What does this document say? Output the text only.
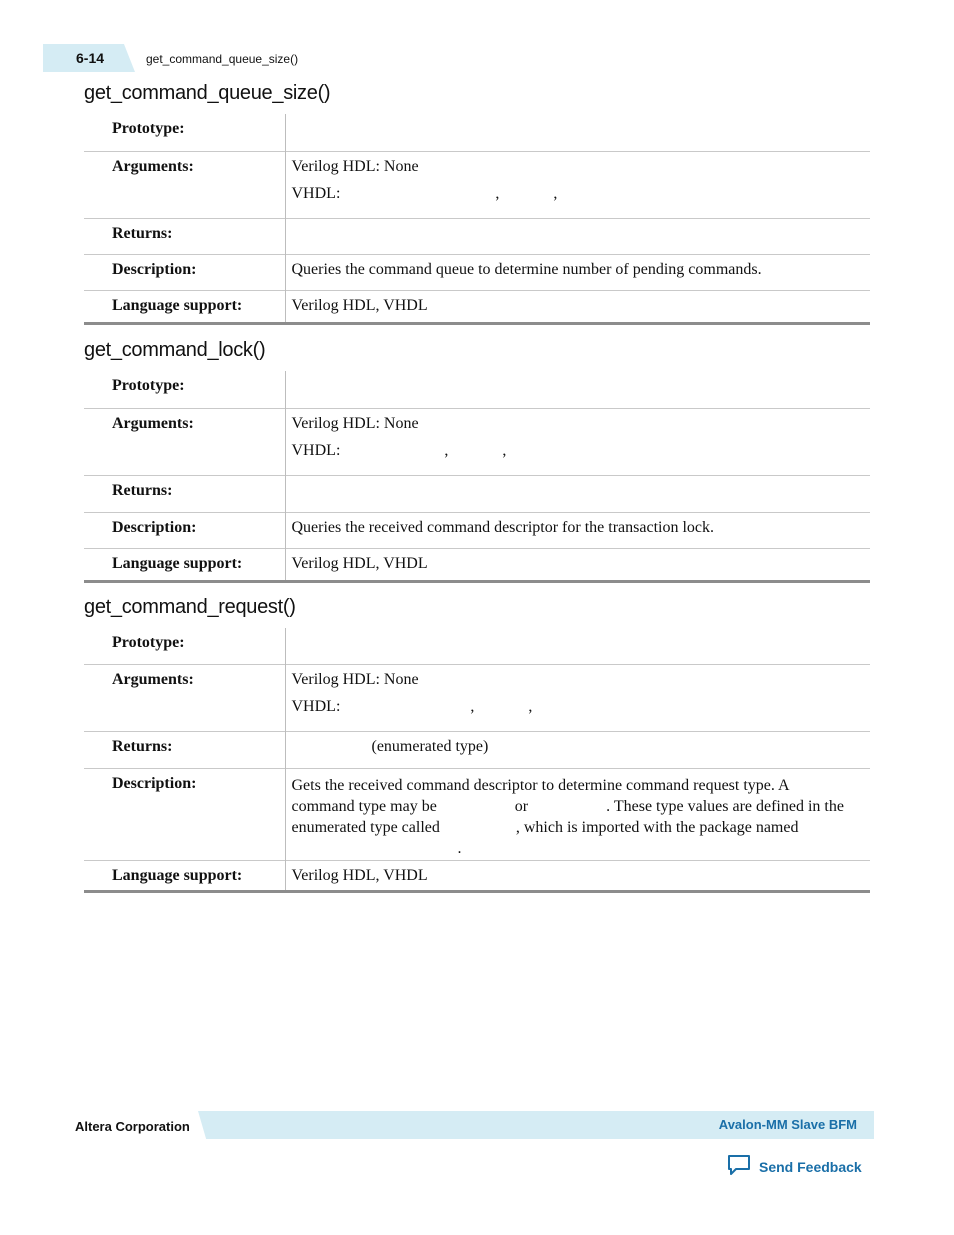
6-14	get_command_queue_size()
get_command_queue_size()
Prototype:	
Arguments:	Verilog HDL: None
VHDL: , ,

Returns:	
Description:	Queries the command queue to determine number of pending commands.
Language support:	Verilog HDL, VHDL
get_command_lock()
Prototype:	
Arguments:	Verilog HDL: None
VHDL: , ,

Returns:	
Description:	Queries the received command descriptor for the transaction lock.
Language support:	Verilog HDL, VHDL
get_command_request()
Prototype:	
Arguments:	Verilog HDL: None
VHDL: , ,

Returns:	(enumerated type)
Description:	Gets the received command descriptor to determine command request type. A command type may be or . These type values are defined in the enumerated type called , which is imported with the package named
.

Language support:	Verilog HDL, VHDL
Altera Corporation	Avalon-MM Slave BFM
Send Feedback
